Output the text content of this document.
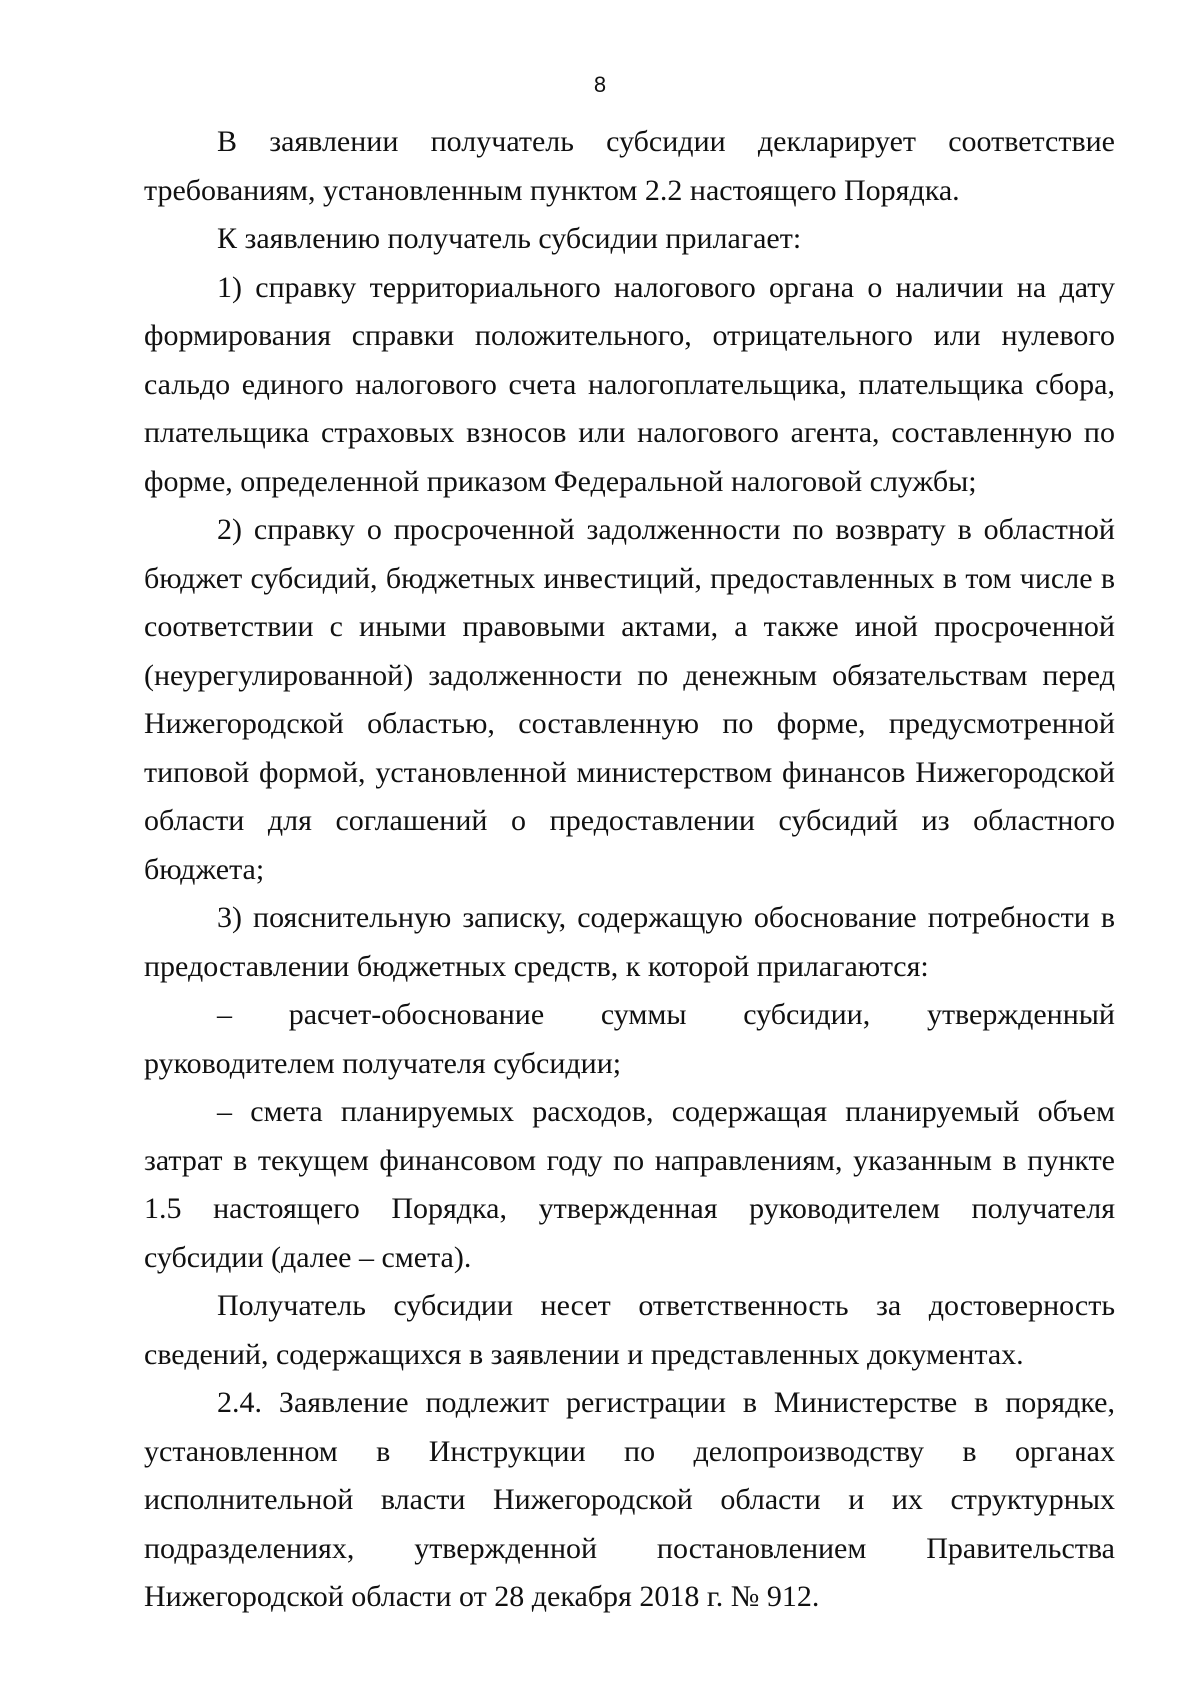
8

В заявлении получатель субсидии декларирует соответствие требованиям, установленным пунктом 2.2 настоящего Порядка.

К заявлению получатель субсидии прилагает:

1) справку территориального налогового органа о наличии на дату формирования справки положительного, отрицательного или нулевого сальдо единого налогового счета налогоплательщика, плательщика сбора, плательщика страховых взносов или налогового агента, составленную по форме, определенной приказом Федеральной налоговой службы;

2) справку о просроченной задолженности по возврату в областной бюджет субсидий, бюджетных инвестиций, предоставленных в том числе в соответствии с иными правовыми актами, а также иной просроченной (неурегулированной) задолженности по денежным обязательствам перед Нижегородской областью, составленную по форме, предусмотренной типовой формой, установленной министерством финансов Нижегородской области для соглашений о предоставлении субсидий из областного бюджета;

3) пояснительную записку, содержащую обоснование потребности в предоставлении бюджетных средств, к которой прилагаются:

– расчет-обоснование суммы субсидии, утвержденный руководителем получателя субсидии;

– смета планируемых расходов, содержащая планируемый объем затрат в текущем финансовом году по направлениям, указанным в пункте 1.5 настоящего Порядка, утвержденная руководителем получателя субсидии (далее – смета).

Получатель субсидии несет ответственность за достоверность сведений, содержащихся в заявлении и представленных документах.

2.4. Заявление подлежит регистрации в Министерстве в порядке, установленном в Инструкции по делопроизводству в органах исполнительной власти Нижегородской области и их структурных подразделениях, утвержденной постановлением Правительства Нижегородской области от 28 декабря 2018 г. № 912.
